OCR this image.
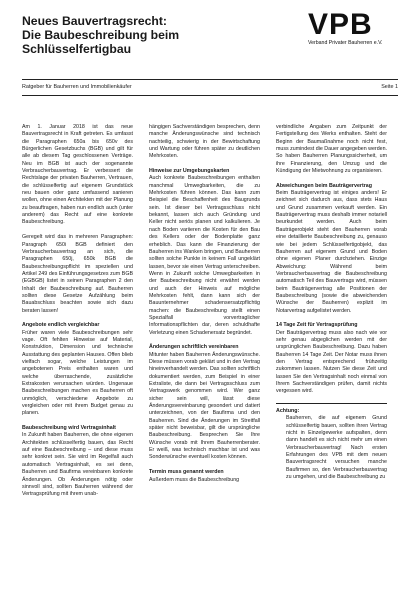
Neues Bauvertragsrecht:
Die Baubeschreibung beim
Schlüsselfertigbau
VPB
Verband Privater Bauherren e.V.
Ratgeber für Bauherren und Immobilienkäufer	Seite 1

Am 1. Januar 2018 ist das neue Bauvertragsrecht in Kraft getreten. Es umfasst die Paragraphen 650a bis 650v des Bürgerlichen Gesetzbuchs (BGB) und gilt für alle ab diesem Tag geschlossenen Verträge. Neu im BGB ist auch der sogenannte Verbraucherbauvertrag. Er verbessert die Rechtslage der privaten Bauherren, Vertrauen, die schlüsselfertig auf eigenem Grundstück neu bauen oder ganz umfassend sanieren wollen, ohne einen Architekten mit der Planung zu beauftragen, haben nun endlich auch (unter anderem) das Recht auf eine konkrete Baubeschreibung.

Geregelt wird das in mehreren Paragraphen: Paragraph 650i BGB definiert den Verbraucherbauvertrag an sich, die Paragraphen 650j, 650k BGB die Baubeschreibungspflicht im speziellen und Artikel 249 des Einführungsgesetzes zum BGB (EGBGB) listet in seinen Paragraphen 2 den Inhalt der Baubeschreibung auf. Bauherren sollten diese Gesetze Aufzählung beim Bauabschluss beachten sowie sich dazu beraten lassen!

Angebote endlich vergleichbar

Früher waren viele Baubeschreibungen sehr vage. Oft fehlten Hinweise auf Material, Konstruktion, Dimension und technische Ausstattung des geplanten Hauses. Offen blieb vielfach sogar, welche Leistungen im angebotenen Preis enthalten waren und welche überraschende, zusätzliche Extrakosten verursachen würden. Ungenaue Baubeschreibungen machen es Bauherren oft unmöglich, verschiedene Angebote zu vergleichen oder mit ihrem Budget genau zu planen.

Baubeschreibung wird Vertragsinhalt

In Zukunft haben Bauherren, die ohne eigenen Architekten schlüsselfertig bauen, das Recht auf eine Baubeschreibung – und diese muss sehr konkret sein. Sie wird im Regelfall auch automatisch Vertragsinhalt, es sei denn, Bauherren und Baufirma vereinbaren konkrete Änderungen. Ob Änderungen nötig oder sinnvoll sind, sollten Bauherren während der Vertragsprüfung mit ihrem unab-

hängigen Sachverständigen besprechen, denn manche Änderungswünsche sind technisch nachteilig, schwierig in der Bewirtschaftung und Wartung oder führen später zu deutlichen Mehrkosten.

Hinweise zur Umgebungskarten

Auch konkrete Baubeschreibungen enthalten manchmal Umwegbarkeiten, die zu Mehrkosten führen können. Das kann zum Beispiel die Beschaffenheit des Baugrunds sein. Ist dieser bei Vertragsschluss nicht bekannt, lassen sich auch Gründung und Keller nicht seriös planen und kalkulieren. Je nach Boden variieren die Kosten für den Bau des Kellers oder der Bodenplatte ganz erheblich. Das kann die Finanzierung der Bauherren ins Wanken bringen, und Bauherren sollten solche Punkte in keinem Fall ungeklärt lassen, bevor sie einen Vertrag unterschreiben. Wenn in Zukunft solche Umwegbarkeiten in der Baubeschreibung nicht erwähnt werden und auch der Hinweis auf mögliche Mehrkosten fehlt, dann kann sich der Bauunternehmer schadensersatzpflichtig machen: die Baubeschreibung stellt einen Spezialfall vorvertraglicher Informationspflichten dar, deren schuldhafte Verletzung einen Schadenersatz begründet.

Änderungen schriftlich vereinbaren

Mitunter haben Bauherren Änderungswünsche. Diese müssen vorab geklärt und in den Vertrag hineinverhandelt werden. Das sollten schriftlich dokumentiert werden, zum Beispiel in einer Extraliste, die dann bei Vertragsschluss zum Vertragswerk genommen wird. Wer ganz sicher sein will, lässt diese Änderungsvereinbarung gesondert und datiert unterzeichnen, von der Baufirma und den Bauherren. Sind die Änderungen im Streitfall später nicht beweisbar, gilt die ursprüngliche Baubeschreibung. Besprechen Sie Ihre Wünsche vorab mit Ihrem Bauherrenberater. Er weiß, was technisch machbar ist und was Sonderwünsche eventuell kosten können.

Termin muss genannt werden

Außerdem muss die Baubeschreibung

verbindliche Angaben zum Zeitpunkt der Fertigstellung des Werks enthalten. Steht der Beginn der Baumaßnahme noch nicht fest, muss zumindest die Dauer angegeben werden. So haben Bauherren Planungssicherheit, um ihre Finanzierung, den Umzug und die Kündigung der Mietwohnung zu organisieren.

Abweichungen beim Bauträgervertrag

Beim Bauträgervertrag ist einiges anders! Er zeichnet sich dadurch aus, dass stets Haus und Grund zusammen verkauft werden. Ein Bauträgervertrag muss deshalb immer notariell beurkundet werden. Auch beim Bauträgerobjekt steht den Bauherren vorab eine detaillierte Baubeschreibung zu, genauso wie bei jedem Schlüsselfertigobjekt, das Bauherren auf eigenem Grund und Boden ohne eigenen Planer durchziehen. Einzige Abweichung: Während beim Verbraucherbauvertrag die Baubeschreibung automatisch Teil des Bauvertrags wird, müssen beim Bauträgervertrag alle Positionen der Baubeschreibung (sowie die abweichenden Wünsche der Bauherren) explizit im Notarvertrag aufgelistet werden.

14 Tage Zeit für Vertragsprüfung

Der Bauträgervertrag muss also nach wie vor sehr genau abgeglichen werden mit der ursprünglichen Baubeschreibung. Dazu haben Bauherren 14 Tage Zeit. Der Notar muss ihnen den Vertrag entsprechend frühzeitig zukommen lassen. Nutzen Sie diese Zeit und lassen Sie den Vertragsinhalt noch einmal von Ihrem Sachverständigen prüfen, damit nichts vergessen wird.

Achtung:

Bauherren, die auf eigenem Grund schlüsselfertig bauen, sollten ihren Vertrag nicht in Einzelgewerke aufspalten, denn dann handelt es sich nicht mehr um einen Verbraucherbauvertrag! Nach ersten Erfahrungen des VPB mit dem neuen Bauvertragsrecht versuchen manche Baufirmen so, den Verbraucherbauvertrag zu umgehen, und die Baubeschreibung zu
